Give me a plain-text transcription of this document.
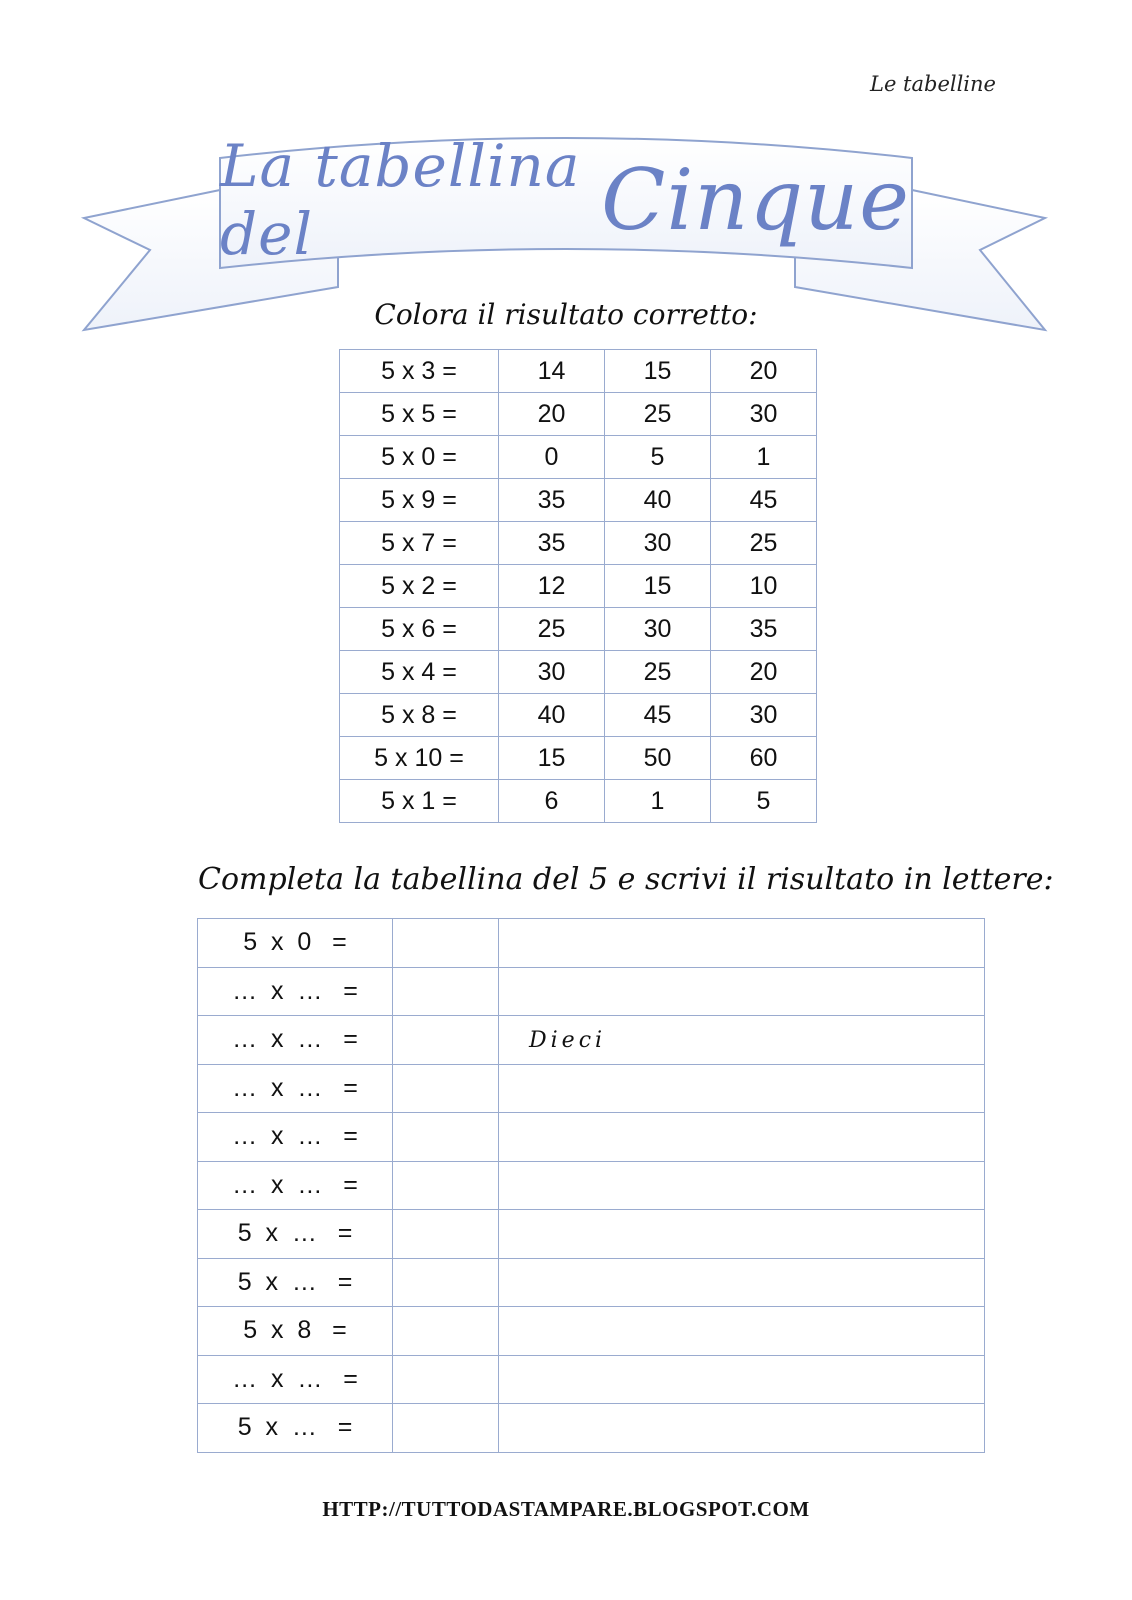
Le tabelline
La tabellina del
	Cinque
Colora il risultato corretto:
5 x 3 =	14	15	20
5 x 5 =	20	25	30
5 x 0 =	0	5	1
5 x 9 =	35	40	45
5 x 7 =	35	30	25
5 x 2 =	12	15	10
5 x 6 =	25	30	35
5 x 4 =	30	25	20
5 x 8 =	40	45	30
5 x 10 =	15	50	60
5 x 1 =	6	1	5
Completa la tabellina del 5 e scrivi il risultato in lettere:
5  x  0   =		
…  x  …   =		
…  x  …   =		Dieci
…  x  …   =		
…  x  …   =		
…  x  …   =		
5  x  …   =		
5  x  …   =		
5  x  8   =		
…  x  …   =		
5  x  …   =		
HTTP://TUTTODASTAMPARE.BLOGSPOT.COM
